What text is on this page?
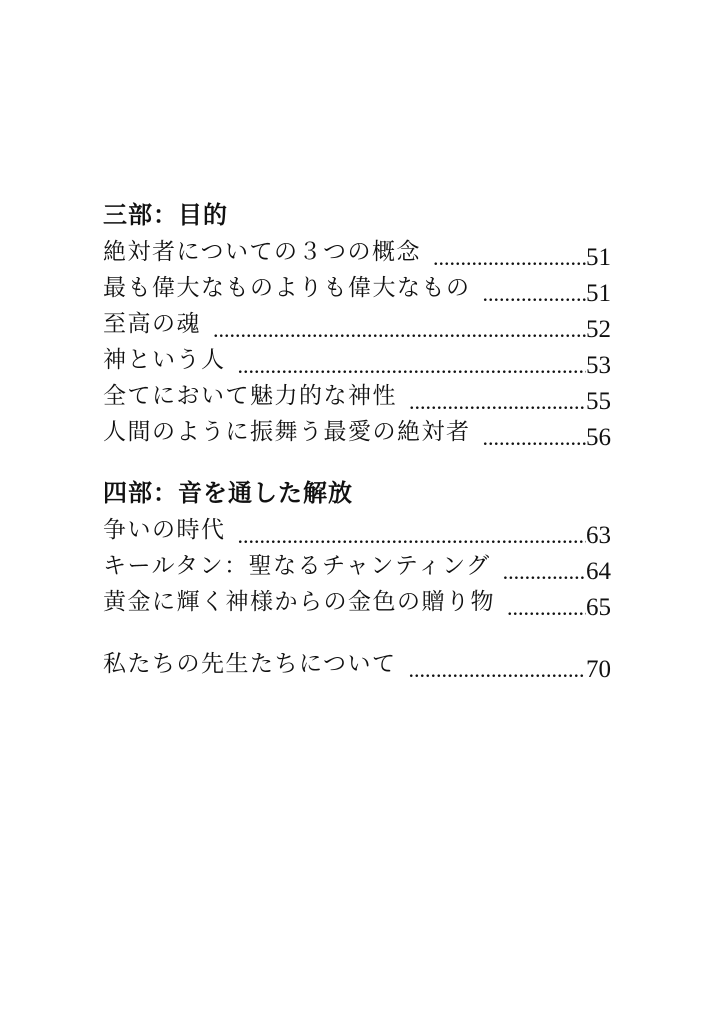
三部：目的
絶対者についての３つの概念 .....	51
最も偉大なものよりも偉大なもの .....	51
至高の魂 .....	52
神という人 .....	53
全てにおいて魅力的な神性 .....	55
人間のように振舞う最愛の絶対者 .....	56
四部：音を通した解放
争いの時代 .....	63
キールタン：聖なるチャンティング .....	64
黄金に輝く神様からの金色の贈り物 .....	65
私たちの先生たちについて .....	70
